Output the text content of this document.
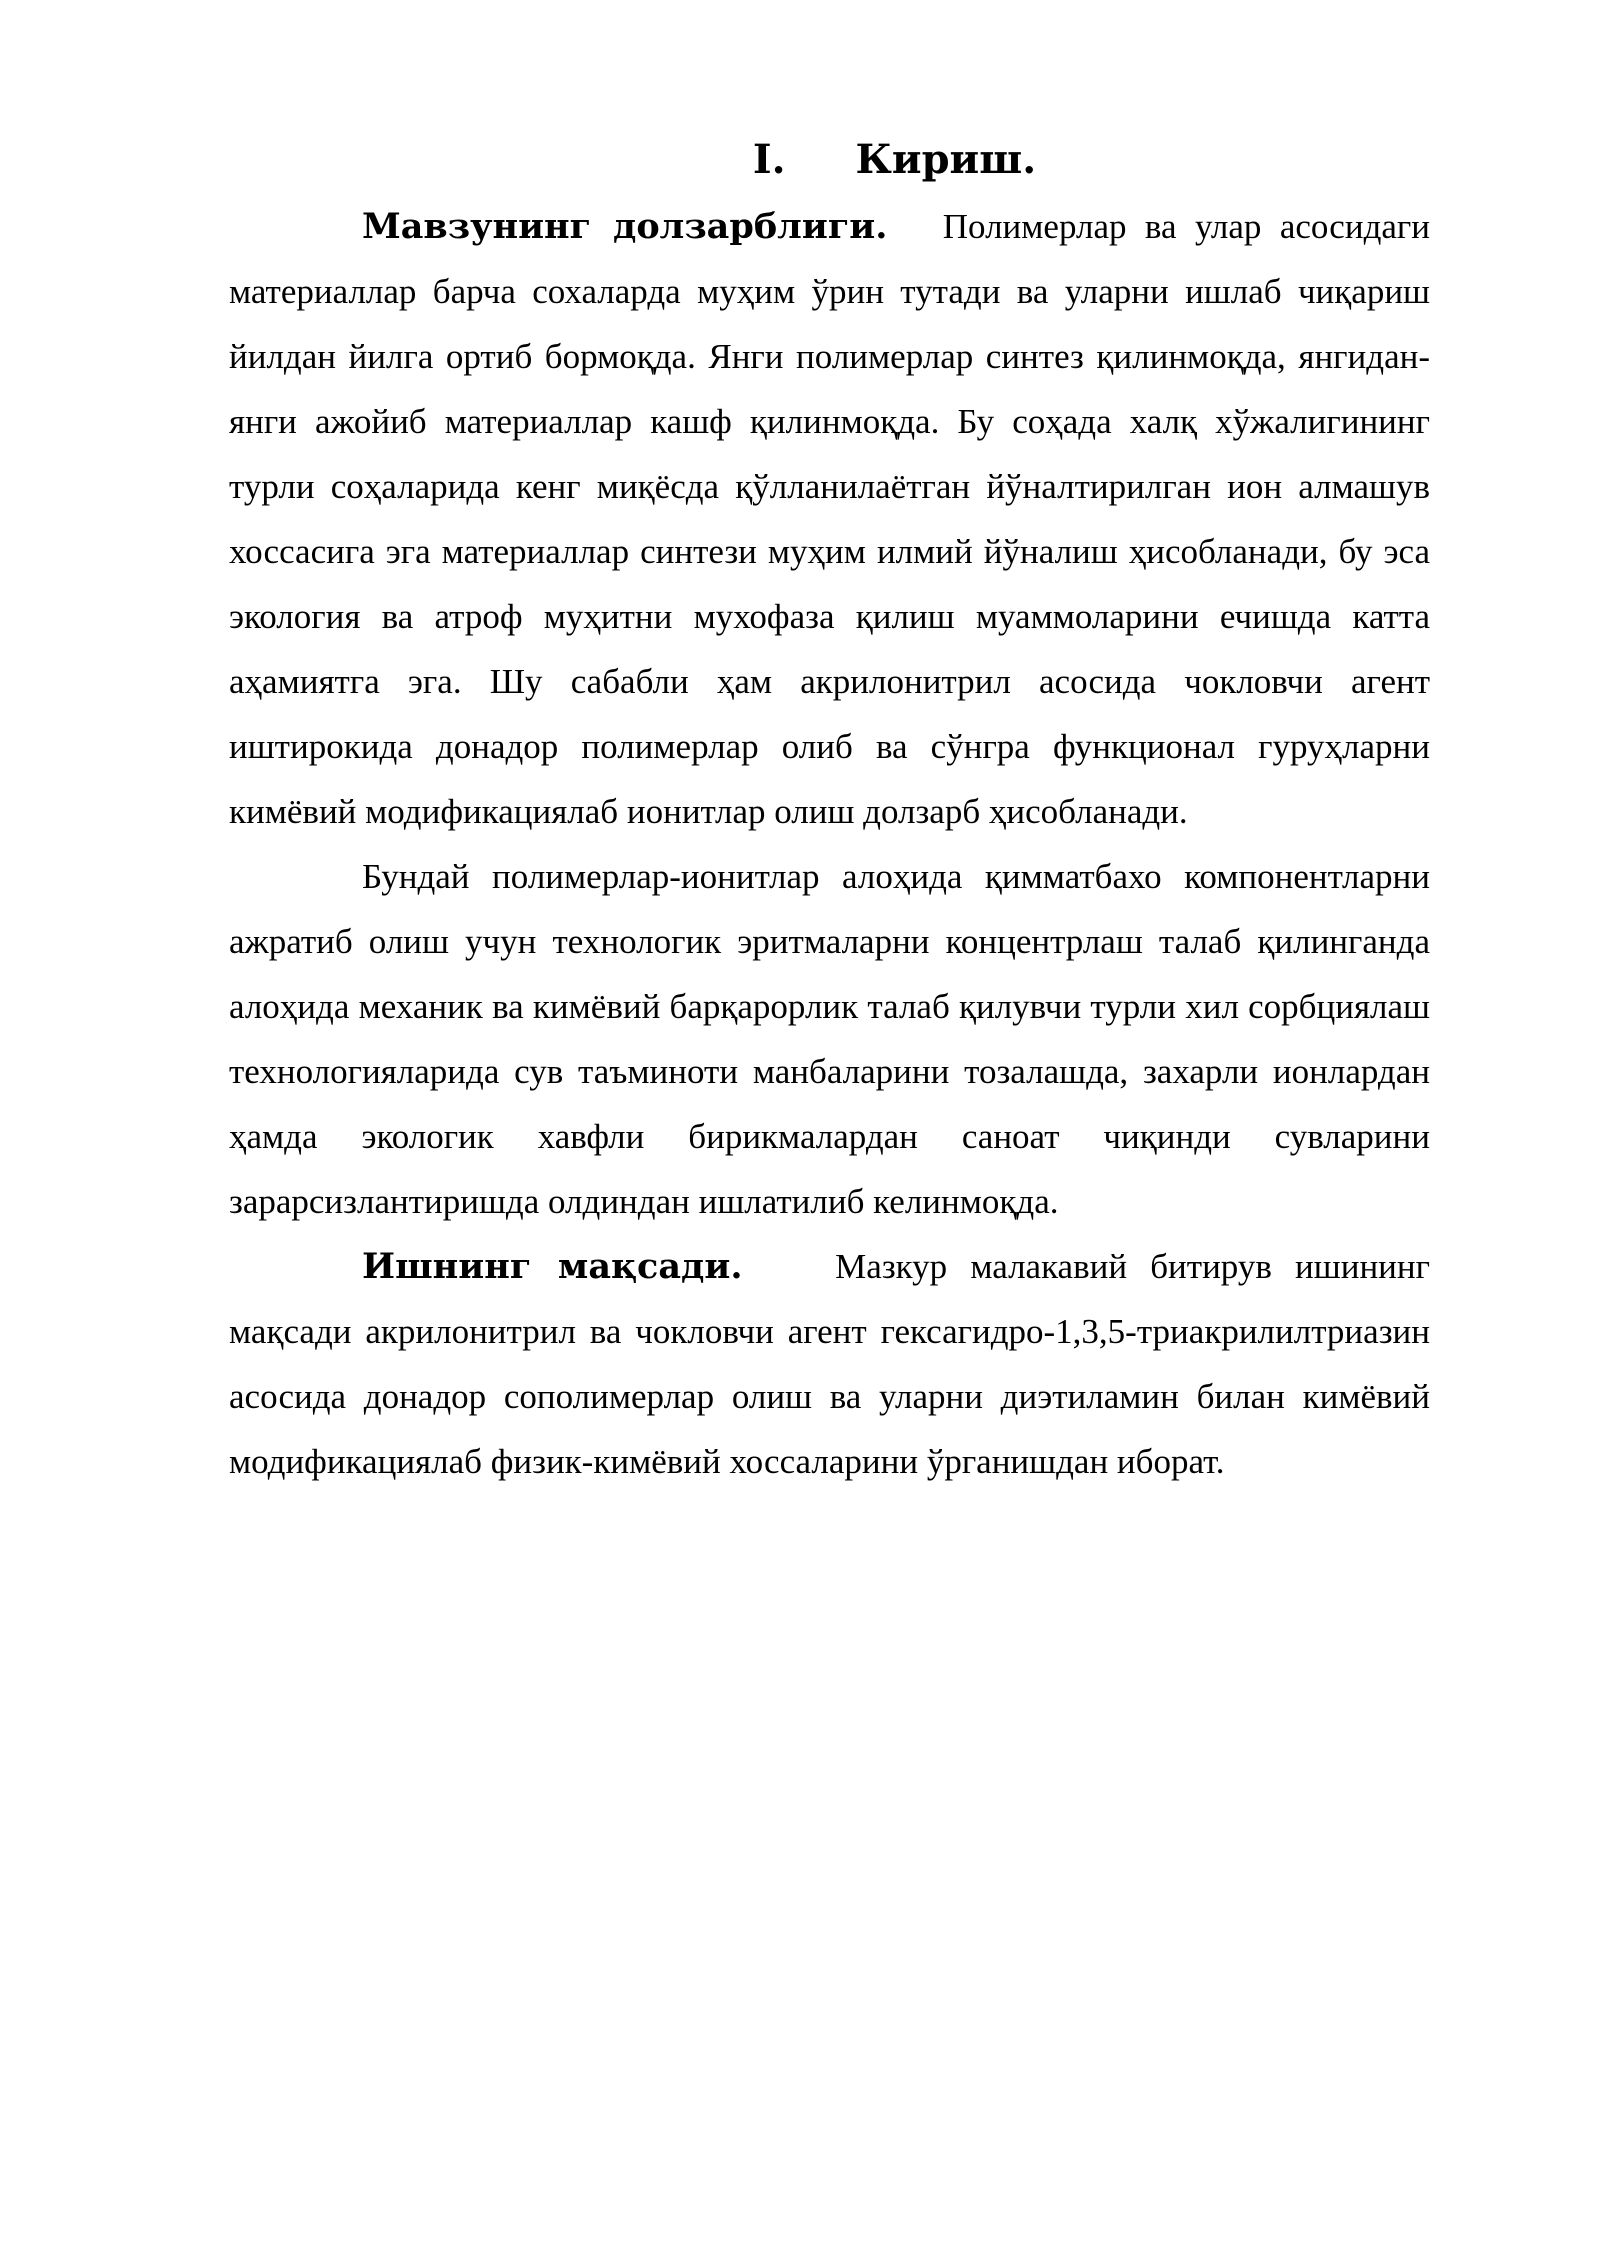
I. Кириш.

Мавзунинг долзарблиги. Полимерлар ва улар асосидаги материаллар барча сохаларда муҳим ўрин тутади ва уларни ишлаб чиқариш йилдан йилга ортиб бормоқда. Янги полимерлар синтез қилинмоқда, янгидан-янги ажойиб материаллар кашф қилинмоқда. Бу соҳада халқ хўжалигининг турли соҳаларида кенг миқёсда қўлланилаётган йўналтирилган ион алмашув хоссасига эга материаллар синтези муҳим илмий йўналиш ҳисобланади, бу эса экология ва атроф муҳитни мухофаза қилиш муаммоларини ечишда катта аҳамиятга эга. Шу сабабли ҳам акрилонитрил асосида чокловчи агент иштирокида донадор полимерлар олиб ва сўнгра функционал гуруҳларни кимёвий модификациялаб ионитлар олиш долзарб ҳисобланади.

Бундай полимерлар-ионитлар алоҳида қимматбахо компонентларни ажратиб олиш учун технологик эритмаларни концентрлаш талаб қилинганда алоҳида механик ва кимёвий барқарорлик талаб қилувчи турли хил сорбциялаш технологияларида сув таъминоти манбаларини тозалашда, захарли ионлардан ҳамда экологик хавфли бирикмалардан саноат чиқинди сувларини зарарсизлантиришда олдиндан ишлатилиб келинмоқда.

Ишнинг мақсади.	Мазкур малакавий битирув ишининг мақсади акрилонитрил ва чокловчи агент гексагидро-1,3,5-триакрилилтриазин асосида донадор сополимерлар олиш ва уларни диэтиламин билан кимёвий модификациялаб физик-кимёвий хоссаларини ўрганишдан иборат.
